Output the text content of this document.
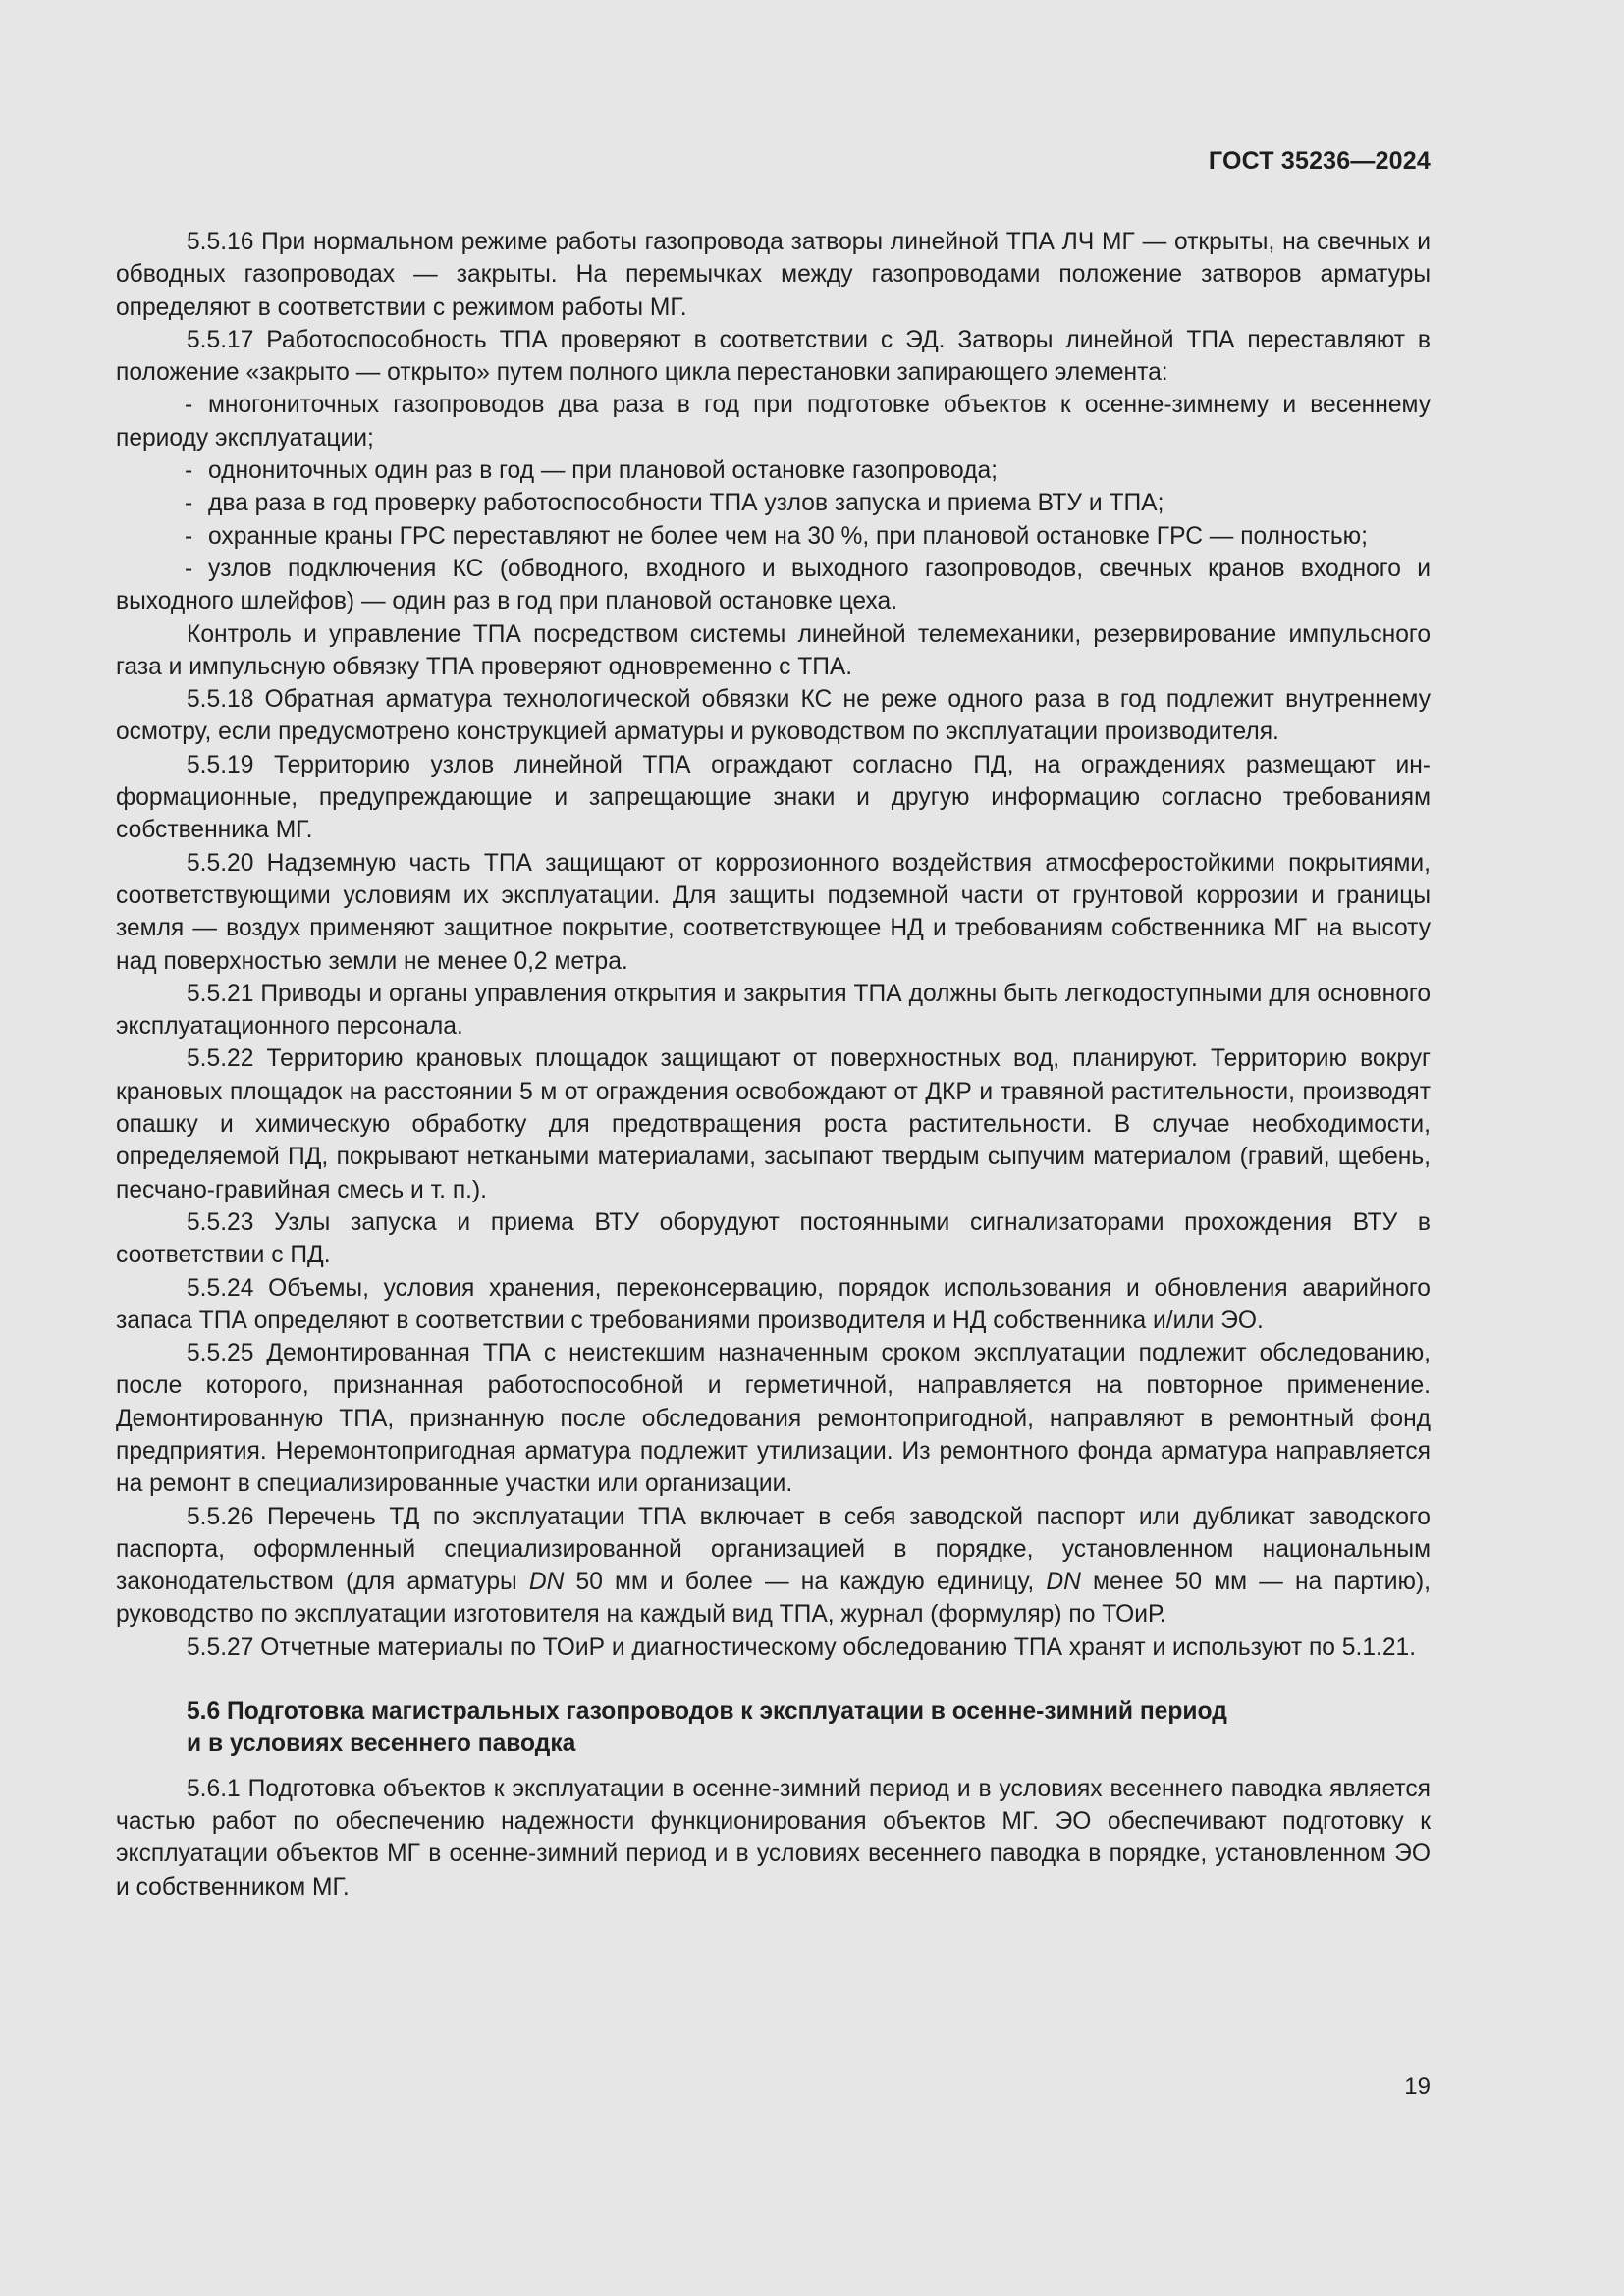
ГОСТ 35236—2024

5.5.16 При нормальном режиме работы газопровода затворы линейной ТПА ЛЧ МГ — открыты, на свечных и обводных газопроводах — закрыты. На перемычках между газопроводами положение затворов арматуры определяют в соответствии с режимом работы МГ.

5.5.17 Работоспособность ТПА проверяют в соответствии с ЭД. Затворы линейной ТПА переставляют в положение «закрыто — открыто» путем полного цикла перестановки запирающего элемента:

- многониточных газопроводов два раза в год при подготовке объектов к осенне-зимнему и весеннему периоду эксплуатации;

- однониточных один раз в год — при плановой остановке газопровода;

- два раза в год проверку работоспособности ТПА узлов запуска и приема ВТУ и ТПА;

- охранные краны ГРС переставляют не более чем на 30 %, при плановой остановке ГРС — полностью;

- узлов подключения КС (обводного, входного и выходного газопроводов, свечных кранов входного и выходного шлейфов) — один раз в год при плановой остановке цеха.

Контроль и управление ТПА посредством системы линейной телемеханики, резервирование импульсного газа и импульсную обвязку ТПА проверяют одновременно с ТПА.

5.5.18 Обратная арматура технологической обвязки КС не реже одного раза в год подлежит внутреннему осмотру, если предусмотрено конструкцией арматуры и руководством по эксплуатации производителя.

5.5.19 Территорию узлов линейной ТПА ограждают согласно ПД, на ограждениях размещают информационные, предупреждающие и запрещающие знаки и другую информацию согласно требованиям собственника МГ.

5.5.20 Надземную часть ТПА защищают от коррозионного воздействия атмосферостойкими покрытиями, соответствующими условиям их эксплуатации. Для защиты подземной части от грунтовой коррозии и границы земля — воздух применяют защитное покрытие, соответствующее НД и требованиям собственника МГ на высоту над поверхностью земли не менее 0,2 метра.

5.5.21 Приводы и органы управления открытия и закрытия ТПА должны быть легкодоступными для основного эксплуатационного персонала.

5.5.22 Территорию крановых площадок защищают от поверхностных вод, планируют. Территорию вокруг крановых площадок на расстоянии 5 м от ограждения освобождают от ДКР и травяной растительности, производят опашку и химическую обработку для предотвращения роста растительности. В случае необходимости, определяемой ПД, покрывают неткаными материалами, засыпают твердым сыпучим материалом (гравий, щебень, песчано-гравийная смесь и т. п.).

5.5.23 Узлы запуска и приема ВТУ оборудуют постоянными сигнализаторами прохождения ВТУ в соответствии с ПД.

5.5.24 Объемы, условия хранения, переконсервацию, порядок использования и обновления аварийного запаса ТПА определяют в соответствии с требованиями производителя и НД собственника и/или ЭО.

5.5.25 Демонтированная ТПА с неистекшим назначенным сроком эксплуатации подлежит обследованию, после которого, признанная работоспособной и герметичной, направляется на повторное применение. Демонтированную ТПА, признанную после обследования ремонтопригодной, направляют в ремонтный фонд предприятия. Неремонтопригодная арматура подлежит утилизации. Из ремонтного фонда арматура направляется на ремонт в специализированные участки или организации.

5.5.26 Перечень ТД по эксплуатации ТПА включает в себя заводской паспорт или дубликат заводского паспорта, оформленный специализированной организацией в порядке, установленном национальным законодательством (для арматуры DN 50 мм и более — на каждую единицу, DN менее 50 мм — на партию), руководство по эксплуатации изготовителя на каждый вид ТПА, журнал (формуляр) по ТОиР.

5.5.27 Отчетные материалы по ТОиР и диагностическому обследованию ТПА хранят и используют по 5.1.21.

5.6 Подготовка магистральных газопроводов к эксплуатации в осенне-зимний период
и в условиях весеннего паводка

5.6.1 Подготовка объектов к эксплуатации в осенне-зимний период и в условиях весеннего паводка является частью работ по обеспечению надежности функционирования объектов МГ. ЭО обеспечивают подготовку к эксплуатации объектов МГ в осенне-зимний период и в условиях весеннего паводка в порядке, установленном ЭО и собственником МГ.

19
